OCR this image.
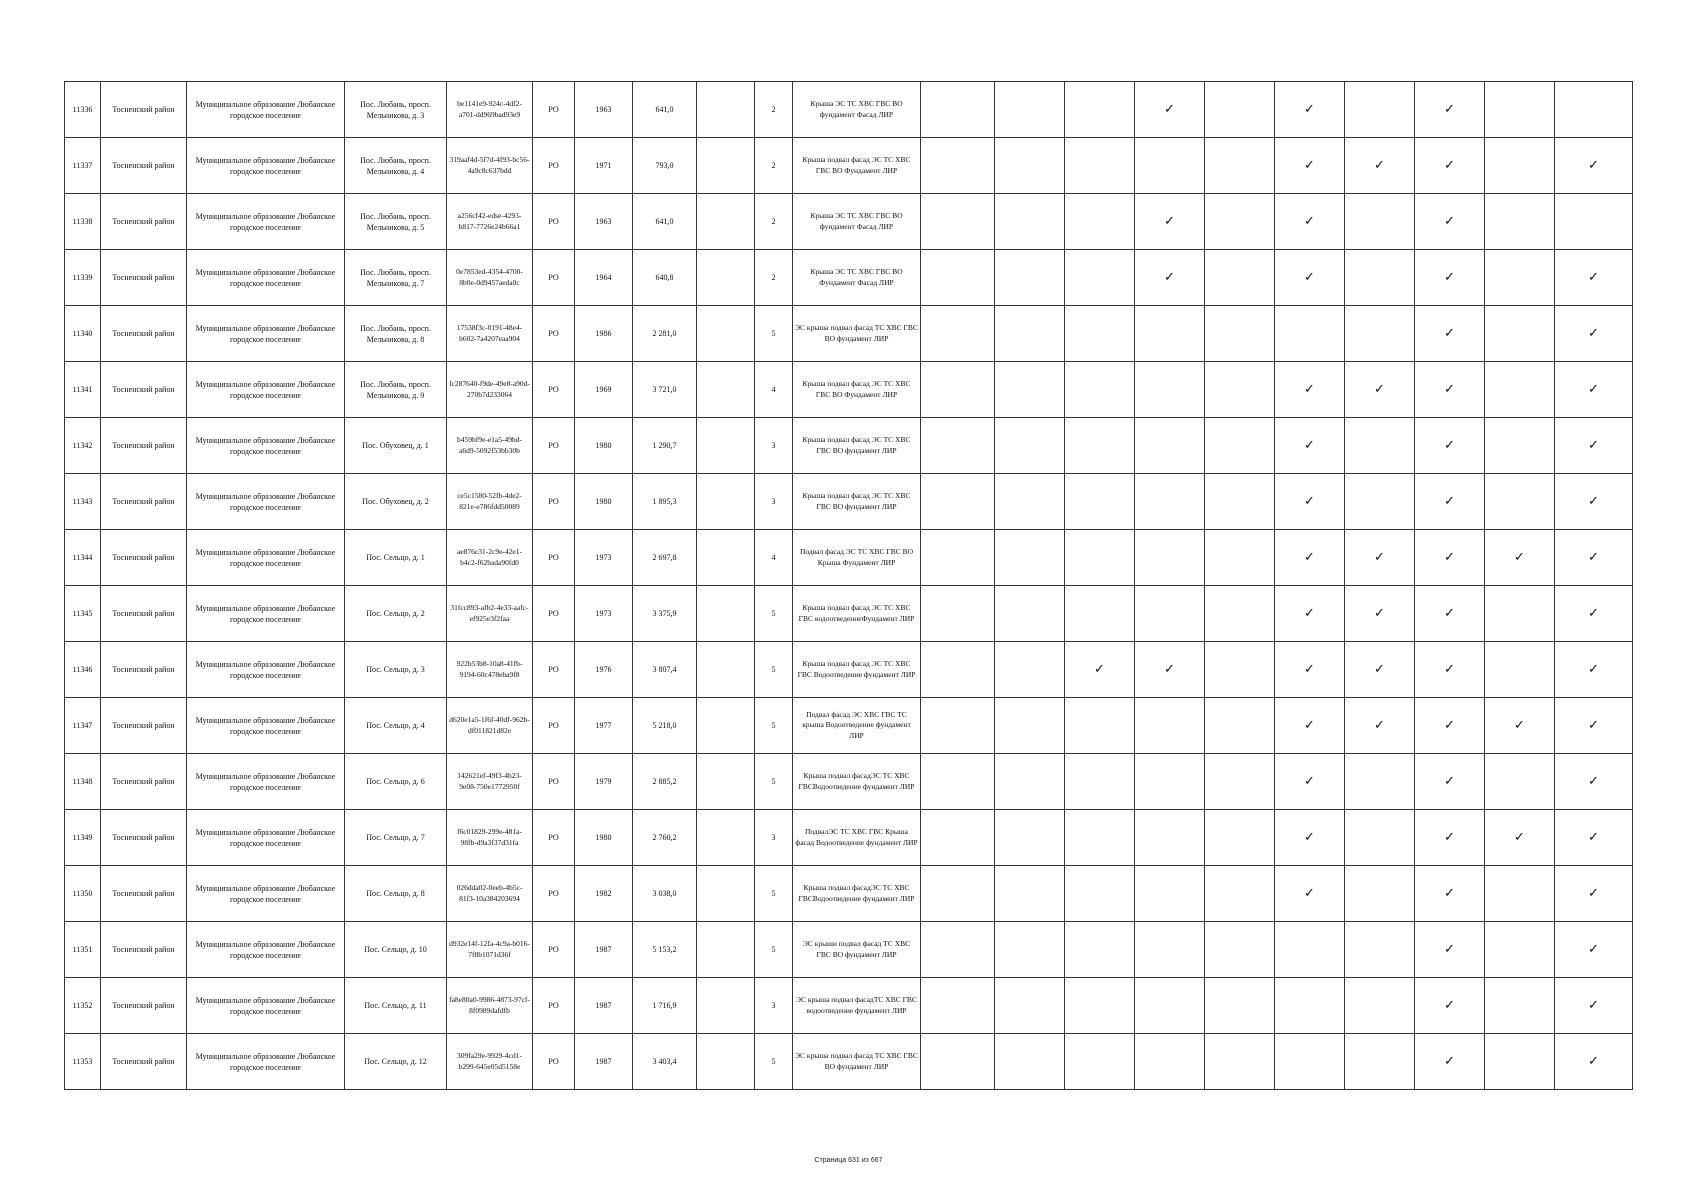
11336	Тосненский район	Муниципальное образование Любанское городское поселение	Пос. Любань, просп. Мельникова, д. 3	be1141e9-924c-4df2-a701-dd969bad93e9	РО	1963	641,0		2	Крыша ЭС ТС ХВС ГВС ВО фундамент Фасад ЛИР				✓		✓		✓		
11337	Тосненский район	Муниципальное образование Любанское городское поселение	Пос. Любань, просп. Мельникова, д. 4	319aaf4d-5f7d-4f93-bc56-4a9c8c637bdd	РО	1971	793,0		2	Крыша подвал фасад ЭС ТС ХВС ГВС ВО Фундамент ЛИР						✓	✓	✓		✓
11338	Тосненский район	Муниципальное образование Любанское городское поселение	Пос. Любань, просп. Мельникова, д. 5	a256cf42-edse-4293-b817-7726e24b66a1	РО	1963	641,0		2	Крыша ЭС ТС ХВС ГВС ВО фундамент Фасад ЛИР				✓		✓		✓		
11339	Тосненский район	Муниципальное образование Любанское городское поселение	Пос. Любань, просп. Мельникова, д. 7	0e7853ed-4354-4700-8b0e-0d9457aeda0c	РО	1964	640,8		2	Крыша ЭС ТС ХВС ГВС ВО Фундамент Фасад ЛИР				✓		✓		✓		✓
11340	Тосненский район	Муниципальное образование Любанское городское поселение	Пос. Любань, просп. Мельникова, д. 8	17538f3c-0191-48e4-b602-7a4207eaa904	РО	1986	2 281,0		5	ЭС крыша подвал фасад ТС ХВС ГВС ВО фундамент ЛИР								✓		✓
11341	Тосненский район	Муниципальное образование Любанское городское поселение	Пос. Любань, просп. Мельникова, д. 9	fc287640-f9de-49e8-a90d-270b7d233064	РО	1969	3 721,0		4	Крыша подвал фасад ЭС ТС ХВС ГВС ВО Фундамент ЛИР						✓	✓	✓		✓
11342	Тосненский район	Муниципальное образование Любанское городское поселение	Пос. Обуховец, д. 1	b459bf9e-e1a5-49bd-a6d9-5092f53bb30b	РО	1980	1 290,7		3	Крыша подвал фасад ЭС ТС ХВС ГВС ВО фундамент ЛИР						✓		✓		✓
11343	Тосненский район	Муниципальное образование Любанское городское поселение	Пос. Обуховец, д. 2	ce5c1580-52fb-4de2-821e-e786fdd50089	РО	1980	1 895,3		3	Крыша подвал фасад ЭС ТС ХВС ГВС ВО фундамент ЛИР						✓		✓		✓
11344	Тосненский район	Муниципальное образование Любанское городское поселение	Пос. Сельцо, д. 1	ae876c31-2c9e-42e1-b4c2-f62bada90fd0	РО	1973	2 697,8		4	Подвал фасад ЭС ТС ХВС ГВС ВО Крыша Фундамент ЛИР						✓	✓	✓	✓	✓
11345	Тосненский район	Муниципальное образование Любанское городское поселение	Пос. Сельцо, д. 2	31fcc893-afb2-4e33-aafc-ef925e3f2faa	РО	1973	3 375,9		5	Крыша подвал фасад ЭС ТС ХВС ГВС водоотведениеФундамент ЛИР						✓	✓	✓		✓
11346	Тосненский район	Муниципальное образование Любанское городское поселение	Пос. Сельцо, д. 3	922b53b8-10a8-41fb-9194-60c478eba9f8	РО	1976	3 807,4		5	Крыша подвал фасад ЭС ТС ХВС ГВС Водоотведение фундамент ЛИР			✓	✓		✓	✓	✓		✓
11347	Тосненский район	Муниципальное образование Любанское городское поселение	Пос. Сельцо, д. 4	d620e1a5-1f6f-40df-962b-df011821d82e	РО	1977	5 218,0		5	Подвал фасад ЭС ХВС ГВС ТС крыша Водоотведение фундамент ЛИР						✓	✓	✓	✓	✓
11348	Тосненский район	Муниципальное образование Любанское городское поселение	Пос. Сельцо, д. 6	142621ef-49f3-4b23-9e08-750e1772950f	РО	1979	2 885,2		5	Крыша подвал фасадЭС ТС ХВС ГВСВодоотведение фундамент ЛИР						✓		✓		✓
11349	Тосненский район	Муниципальное образование Любанское городское поселение	Пос. Сельцо, д. 7	f6c01829-299e-481a-98fb-d9a3f37d31fa	РО	1980	2 760,2		3	ПодвалЭС ТС ХВС ГВС Крыша фасад Водоотведение фундамент ЛИР						✓		✓	✓	✓
11350	Тосненский район	Муниципальное образование Любанское городское поселение	Пос. Сельцо, д. 8	026dda02-0eeb-4b5c-81f3-10a384203694	РО	1982	3 038,0		5	Крыша подвал фасадЭС ТС ХВС ГВСВодоотведение фундамент ЛИР						✓		✓		✓
11351	Тосненский район	Муниципальное образование Любанское городское поселение	Пос. Сельцо, д. 10	d932e14f-12fa-4c9a-b016-7f8b1071d36f	РО	1987	5 153,2		5	ЭС крыши подвал фасад ТС ХВС ГВС ВО фундамент ЛИР								✓		✓
11352	Тосненский район	Муниципальное образование Любанское городское поселение	Пос. Сельцо, д. 11	fa8e80a0-9986-4873-97cf-8f0989dafdfb	РО	1987	1 716,9		3	ЭС крыша подвал фасадТС ХВС ГВС водоотведение фундамент ЛИР								✓		✓
11353	Тосненский район	Муниципальное образование Любанское городское поселение	Пос. Сельцо, д. 12	309fa29e-9929-4cd1-b299-645e05d5158e	РО	1987	3 403,4		5	ЭС крыша подвал фасад ТС ХВС ГВС ВО фундамент ЛИР								✓		✓
Страница 631 из 667
